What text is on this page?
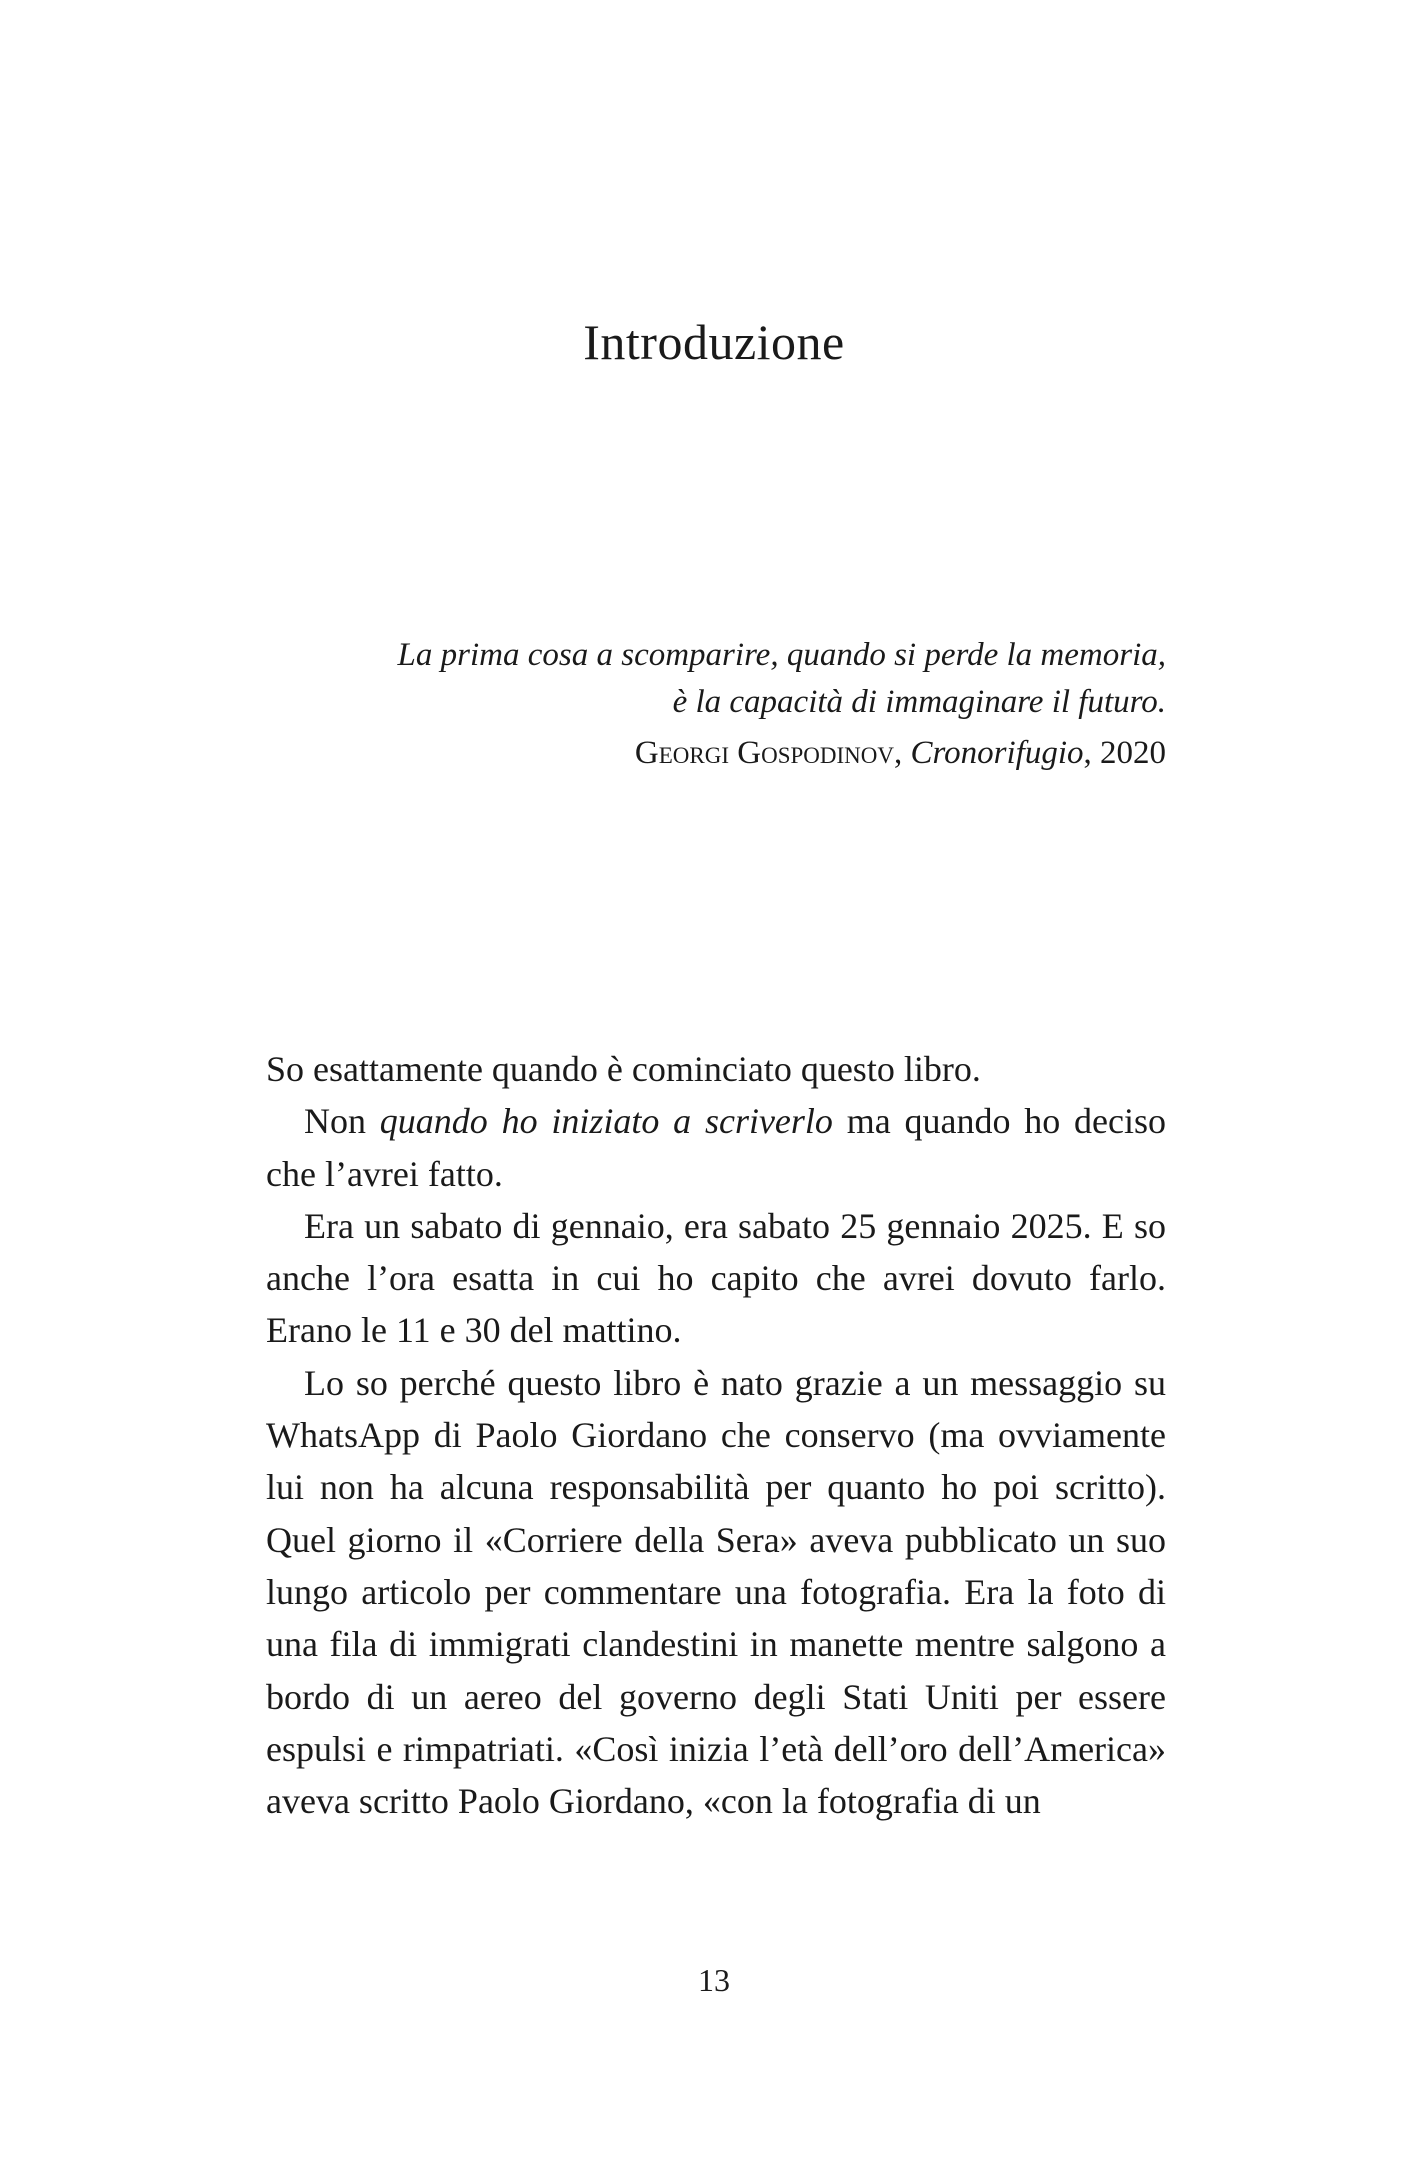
Introduzione
La prima cosa a scomparire, quando si perde la memoria,
è la capacità di immaginare il futuro.
Georgi Gospodinov, Cronorifugio, 2020

So esattamente quando è cominciato questo libro.

Non quando ho iniziato a scriverlo ma quando ho deciso che l’avrei fatto.

Era un sabato di gennaio, era sabato 25 gennaio 2025. E so anche l’ora esatta in cui ho capito che avrei dovuto farlo. Erano le 11 e 30 del mattino.

Lo so perché questo libro è nato grazie a un messaggio su WhatsApp di Paolo Giordano che conservo (ma ovviamente lui non ha alcuna responsabilità per quanto ho poi scritto). Quel giorno il «Corriere della Sera» aveva pubblicato un suo lungo articolo per commentare una fotografia. Era la foto di una fila di immigrati clandestini in manette mentre salgono a bordo di un aereo del governo degli Stati Uniti per essere espulsi e rimpatriati. «Così inizia l’età dell’oro dell’America» aveva scritto Paolo Giordano, «con la fotografia di un

13
